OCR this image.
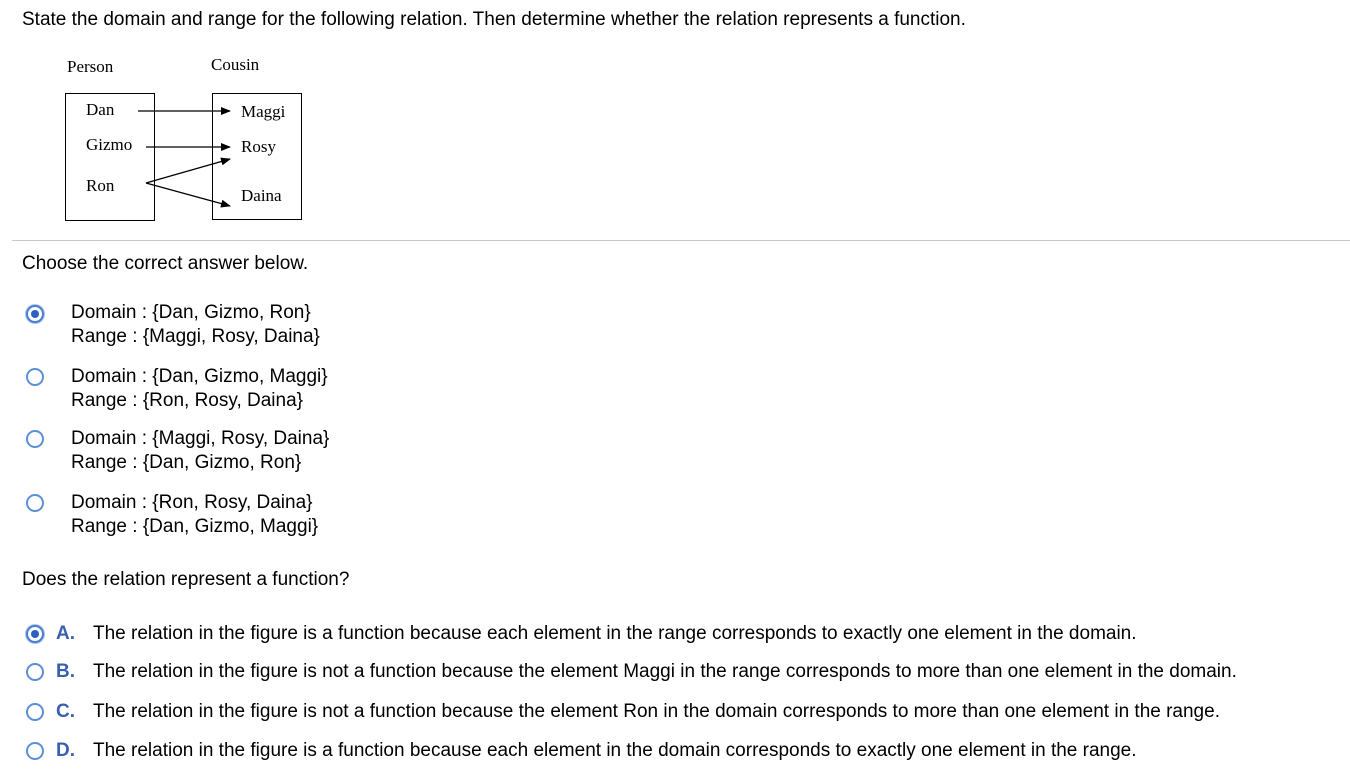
State the domain and range for the following relation. Then determine whether the relation represents a function.
Person	Cousin
Dan
Gizmo
Ron
Maggi
Rosy
Daina
Choose the correct answer below.
Domain : {Dan, Gizmo, Ron}
Range : {Maggi, Rosy, Daina}
Domain : {Dan, Gizmo, Maggi}
Range : {Ron, Rosy, Daina}
Domain : {Maggi, Rosy, Daina}
Range : {Dan, Gizmo, Ron}
Domain : {Ron, Rosy, Daina}
Range : {Dan, Gizmo, Maggi}
Does the relation represent a function?
A. The relation in the figure is a function because each element in the range corresponds to exactly one element in the domain.
B. The relation in the figure is not a function because the element Maggi in the range corresponds to more than one element in the domain.
C. The relation in the figure is not a function because the element Ron in the domain corresponds to more than one element in the range.
D. The relation in the figure is a function because each element in the domain corresponds to exactly one element in the range.
